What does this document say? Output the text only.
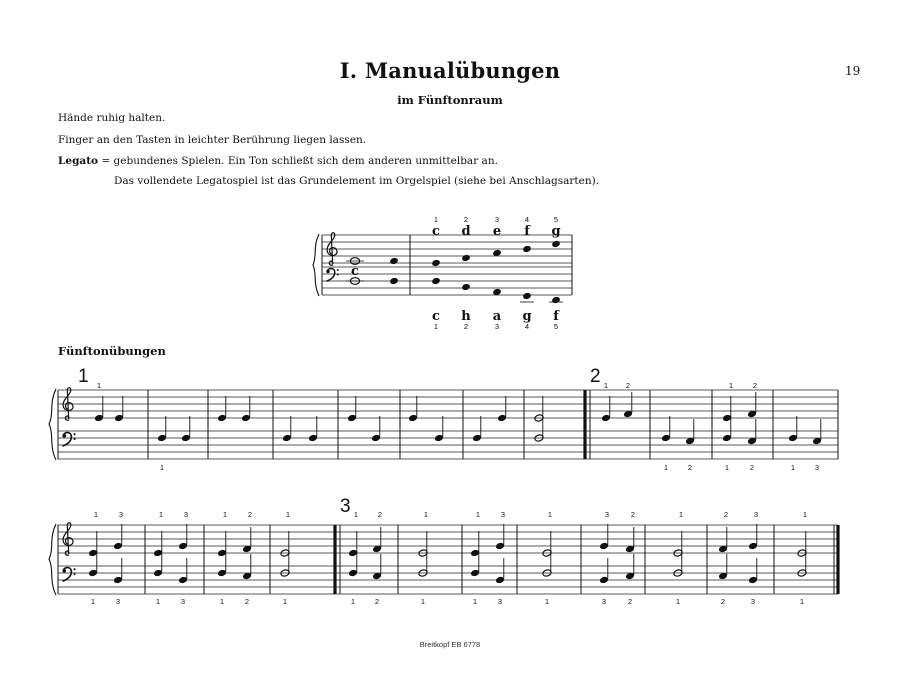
I. Manualübungen	19
im Fünftonraum
Hände ruhig halten.
Finger an den Tasten in leichter Berührung liegen lassen.
Legato = gebundenes Spielen. Ein Ton schließt sich dem anderen unmittelbar an.
Das vollendete Legatospiel ist das Grundelement im Orgelspiel (siehe bei Anschlagsarten).
Fünftonübungen
Breitkopf EB 6778
c
1
c
2
d
3
e
4
f
5
g
c
1
h
2
a
3
g
4
f
5
1	2
1	1 2	1	2
1	1	2	1	2	1	3
3
1
1
3
3
1
1
3
3
1
1
2
2
1
1
1
1
2
2
1
1
1
1
3
3
1
1
3
3
2
2
1
1
2
2
3
3
1
1
